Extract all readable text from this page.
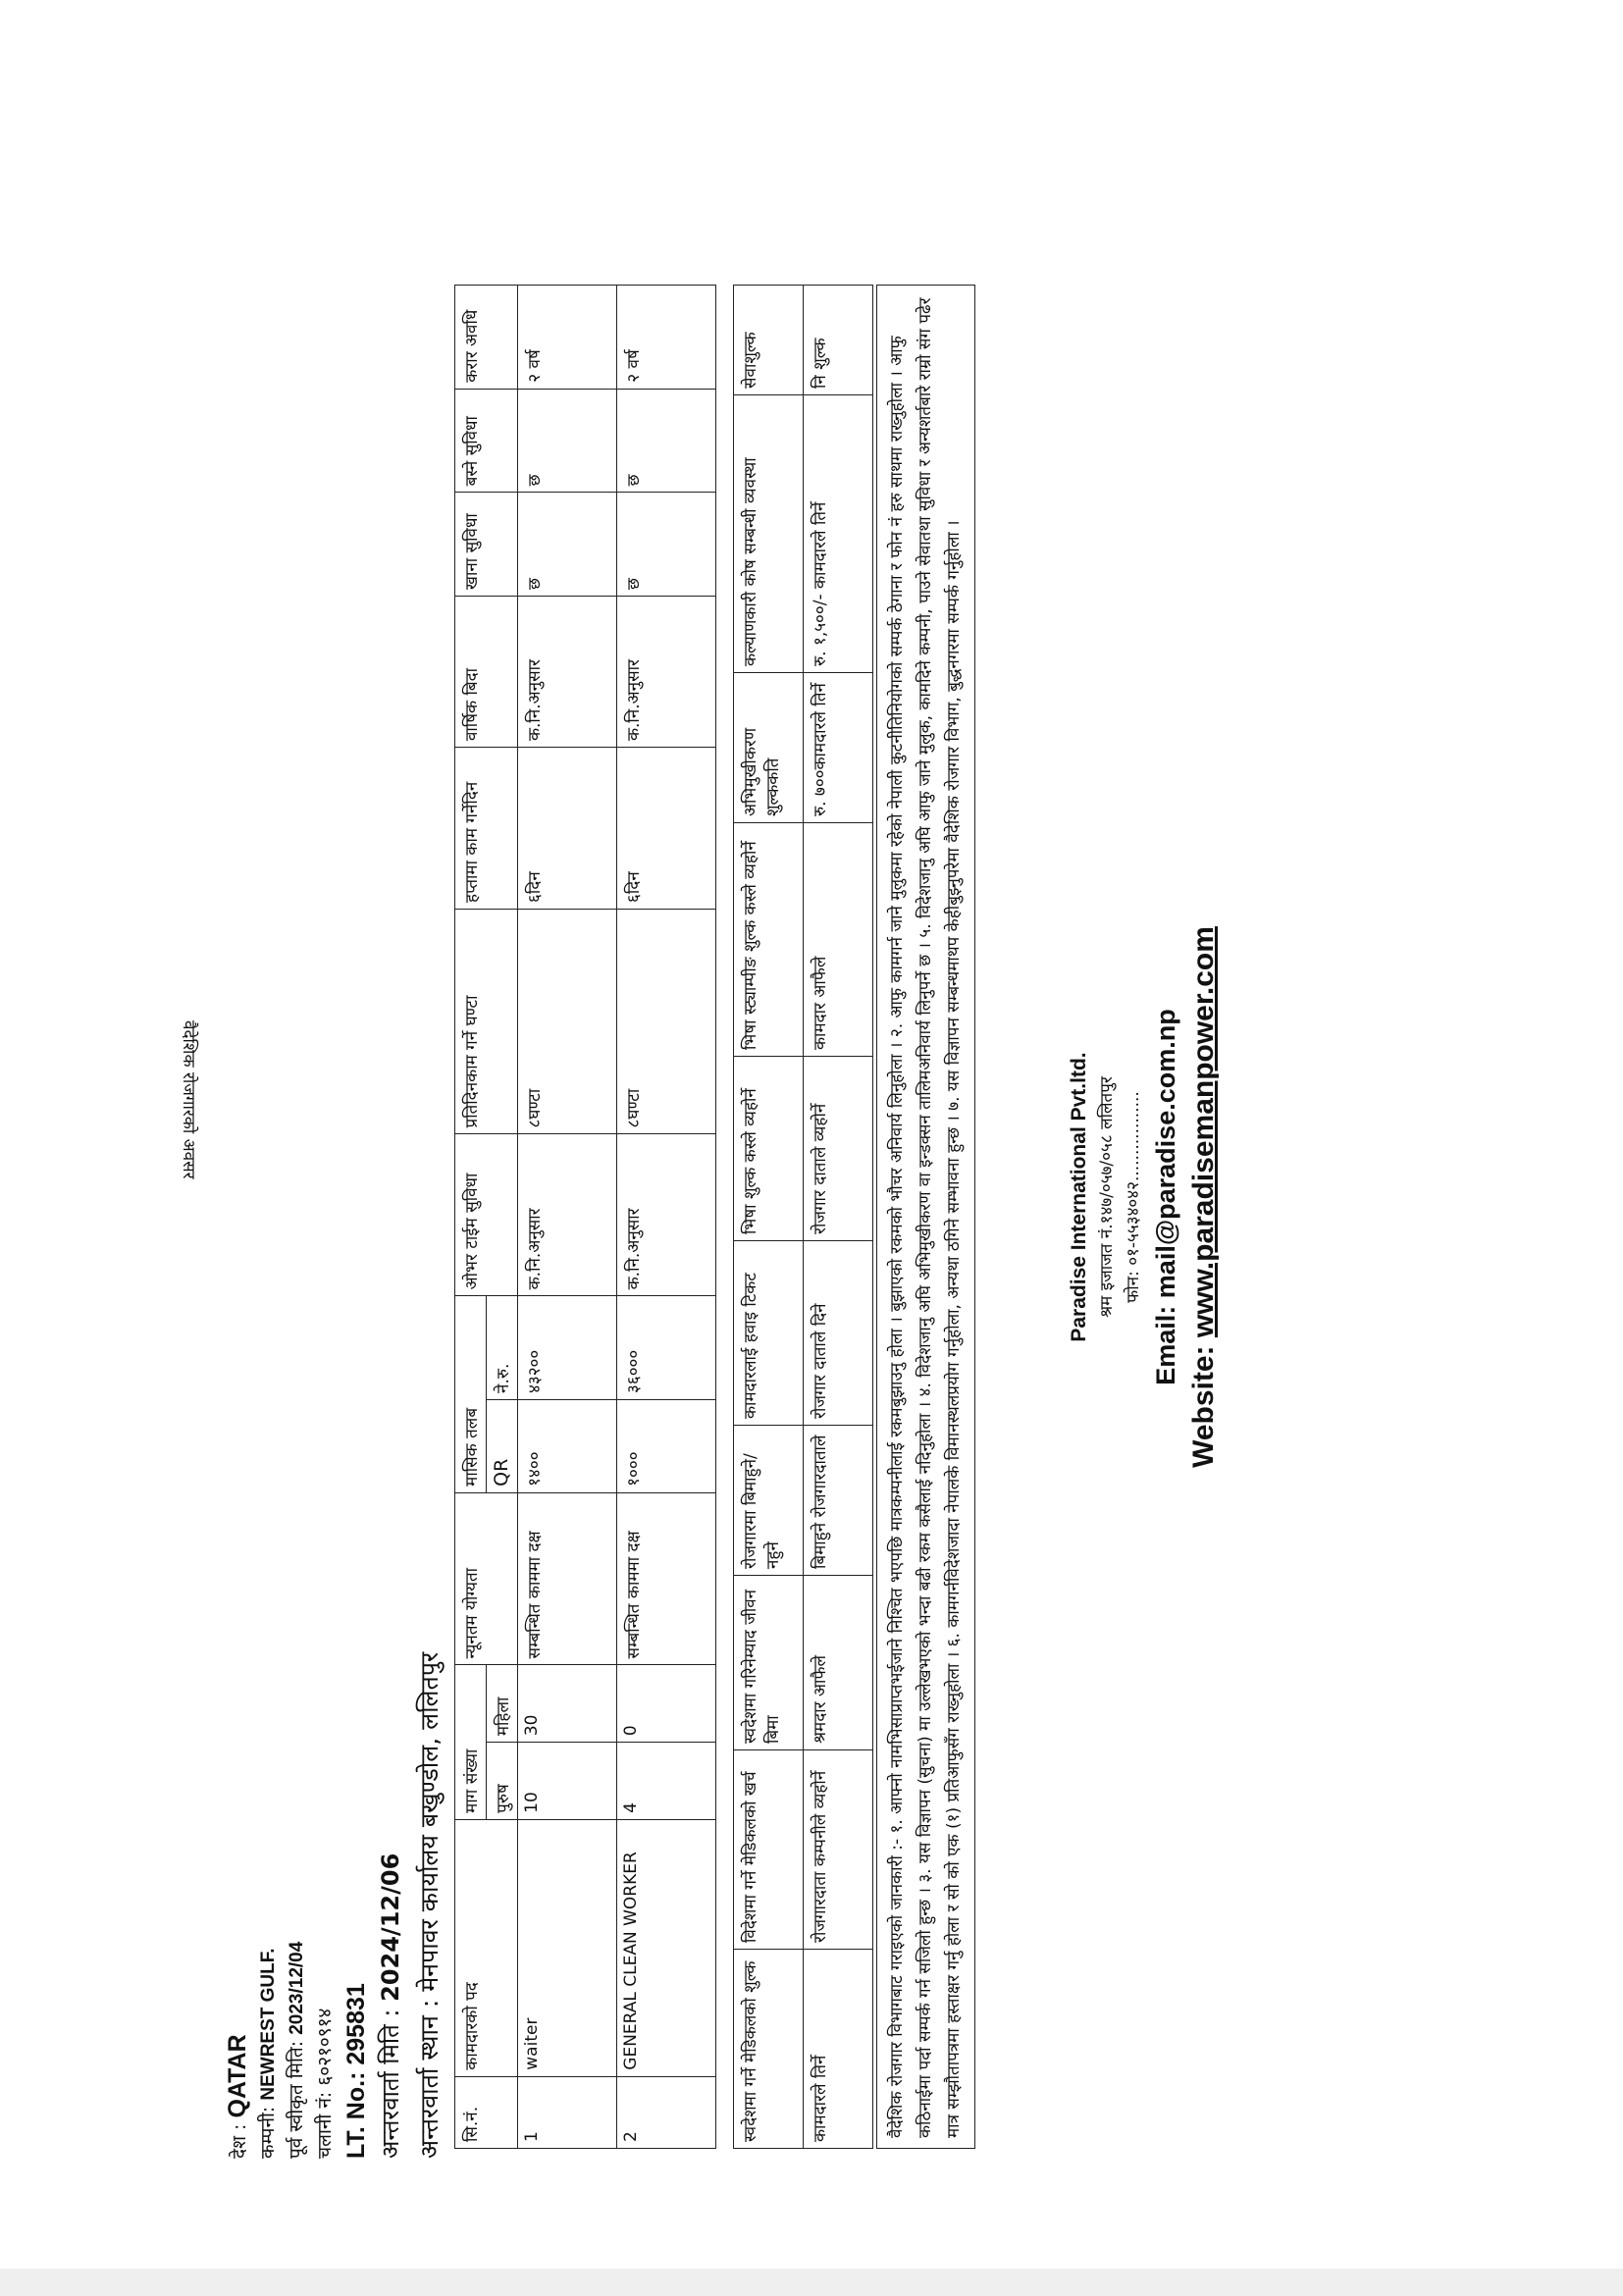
वैदेशिक रोजगारको अवसर
देश : QATAR
कम्पनी: NEWREST GULF. पूर्व स्वीकृत मिति: 2023/12/04
चलानी नं: ६०२१०९१४
LT. No.: 295831 अन्तरवार्ता मिति : 2024/12/06
अन्तरवार्ता स्थान : मेनपावर कार्यालय बखुण्डोल, ललितपुर
सि.नं.	कामदारको पद	माग संख्या		न्यूनतम योग्यता	मासिक तलब		ओभर टाईम सुविधा	प्रतिदिनकाम गर्ने घण्टा	हप्तामा काम गर्नेदिन	वार्षिक बिदा	खाना सुविधा	बस्ने सुविधा	करार अवधि
		पुरुष	महिला		QR	ने.रु.							
1	waiter	10	30	सम्बन्धित काममा दक्ष	१४००	४३२००	क.नि.अनुसार	८घण्टा	६दिन	क.नि.अनुसार	छ	छ	२ वर्ष
2	GENERAL CLEAN WORKER	4	0	सम्बन्धित काममा दक्ष	१०००	३६०००	क.नि.अनुसार	८घण्टा	६दिन	क.नि.अनुसार	छ	छ	२ वर्ष
स्वदेशमा गर्ने मेडिकलको शुल्क	विदेशमा गर्ने मेडिकलको खर्च	स्वदेशमा गरिनेम्याद जीवन बिमा	रोजगारमा बिमाहुने/नहुने	कामदारलाई हवाइ टिकट	भिषा शुल्क कस्ले व्यहोर्ने	भिषा स्ट्याम्पीङ शुल्क कस्ले व्यहोर्ने	अभिमुखीकरण शुल्ककति	कल्याणकारी कोष सम्बन्धी व्यवस्था	सेवाशुल्क
कामदारले तिर्ने	रोजगारदाता कम्पनीले व्यहोर्ने	श्रमदार आफैले	बिमाहुने रोजगारदाताले	रोजगार दाताले दिने	रोजगार दाताले व्यहोर्ने	कामदार आफैले	रु. ७००कामदारले तिर्ने	रु. १,५००/- कामदारले तिर्ने	नि शुल्क	वैदेशिक रोजगार विभागबाट गराइएको जानकारी :- १. आफ्नो नामभिसाप्राप्तभईजाने निश्चित भएपछि मात्रकम्पनीलाई रकमबुझाउनु होला । बुझाएको रकमको भौचर अनिवार्य लिनुहोला । २. आफु कामगर्न जाने मुलुकमा रहेको नेपाली कुटनीतिनियोगको सम्पर्क ठेगाना र फोन नं हरु साथमा राख्नुहोला । आफु कठिनाईमा पर्दा सम्पर्क गर्न सजिलो हुन्छ । ३. यस विज्ञापन (सुचना) मा उल्लेखभएको भन्दा बढी रकम कसैलाई नदिनुहोला । ४. विदेशजानु अघि अभिमुखीकरण वा इन्डक्सन तालिमअनिवार्य लिनुपर्ने छ । ५. विदेशजानु अघि आफु जाने मुलुक, कामदिने कम्पनी, पाउने सेवातथा सुविधा र अन्यशर्तबारे राम्रो संग पढेर मात्र सम्झौतापत्रमा हस्ताक्षर गर्नु होला र सो को एक (१) प्रतिआफुसँग राख्नुहोला । ६. कामगर्नविदेशजादा नेपालके विमानस्थलप्रयोग गर्नुहोला, अन्यथा ठगिने सम्भावना हुन्छ । ७. यस विज्ञापन सम्बन्धमाथप केहीबुझ्नुपरेमा वैदेशिक रोजगार विभाग, बुद्धनगरमा सम्पर्क गर्नुहोला ।	Paradise International Pvt.ltd. श्रम इजाजत नं.१४७/०५७/०५८ ललितपुर फोन: ०१-५५३४०४२................. Email: mail@paradise.com.np
Website: www.paradisemanpower.com
